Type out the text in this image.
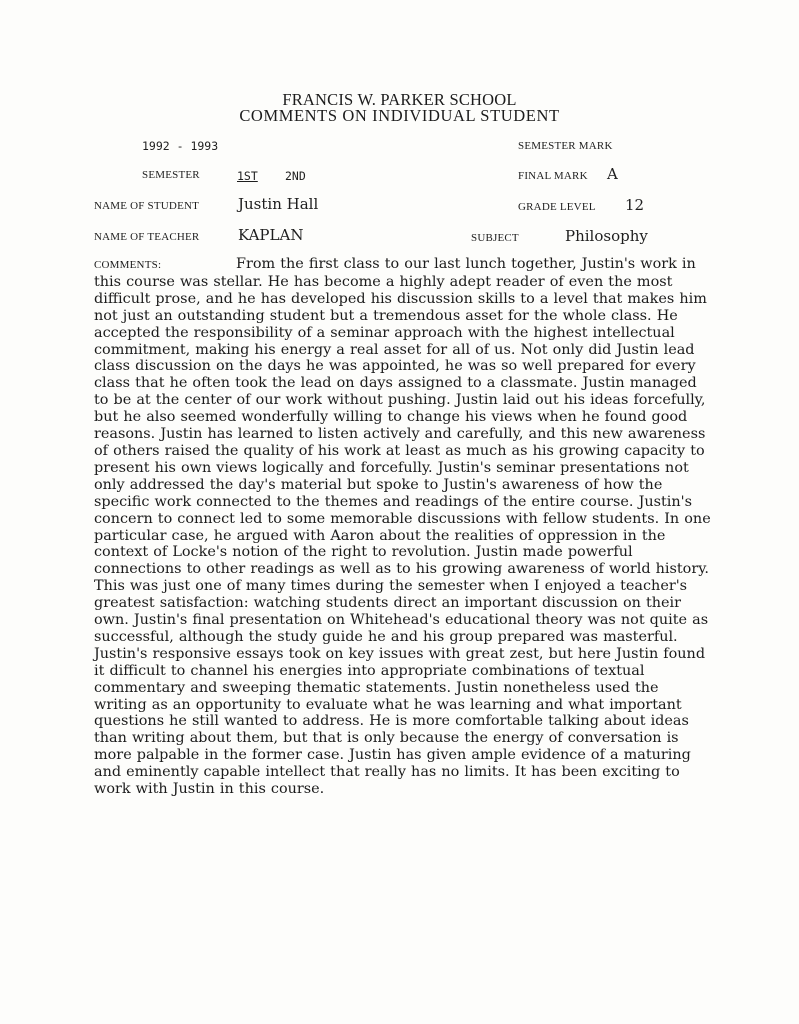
FRANCIS W. PARKER SCHOOL
COMMENTS ON INDIVIDUAL STUDENT
1992 - 1993	SEMESTER MARK
SEMESTER	1ST 2ND	FINAL MARK A
NAME OF STUDENT	Justin Hall	GRADE LEVEL 12
NAME OF TEACHER	KAPLAN	SUBJECT	Philosophy
COMMENTS:	From the first class to our last lunch together, Justin's work in this course was stellar. He has become a highly adept reader of even the most difficult prose, and he has developed his discussion skills to a level that makes him not just an outstanding student but a tremendous asset for the whole class. He accepted the responsibility of a seminar approach with the highest intellectual commitment, making his energy a real asset for all of us. Not only did Justin lead class discussion on the days he was appointed, he was so well prepared for every class that he often took the lead on days assigned to a classmate. Justin managed to be at the center of our work without pushing. Justin laid out his ideas forcefully, but he also seemed wonderfully willing to change his views when he found good reasons. Justin has learned to listen actively and carefully, and this new awareness of others raised the quality of his work at least as much as his growing capacity to present his own views logically and forcefully. Justin's seminar presentations not only addressed the day's material but spoke to Justin's awareness of how the specific work connected to the themes and readings of the entire course. Justin's concern to connect led to some memorable discussions with fellow students. In one particular case, he argued with Aaron about the realities of oppression in the context of Locke's notion of the right to revolution. Justin made powerful connections to other readings as well as to his growing awareness of world history. This was just one of many times during the semester when I enjoyed a teacher's greatest satisfaction: watching students direct an important discussion on their own. Justin's final presentation on Whitehead's educational theory was not quite as successful, although the study guide he and his group prepared was masterful. Justin's responsive essays took on key issues with great zest, but here Justin found it difficult to channel his energies into appropriate combinations of textual commentary and sweeping thematic statements. Justin nonetheless used the writing as an opportunity to evaluate what he was learning and what important questions he still wanted to address. He is more comfortable talking about ideas than writing about them, but that is only because the energy of conversation is more palpable in the former case. Justin has given ample evidence of a maturing and eminently capable intellect that really has no limits. It has been exciting to work with Justin in this course.
